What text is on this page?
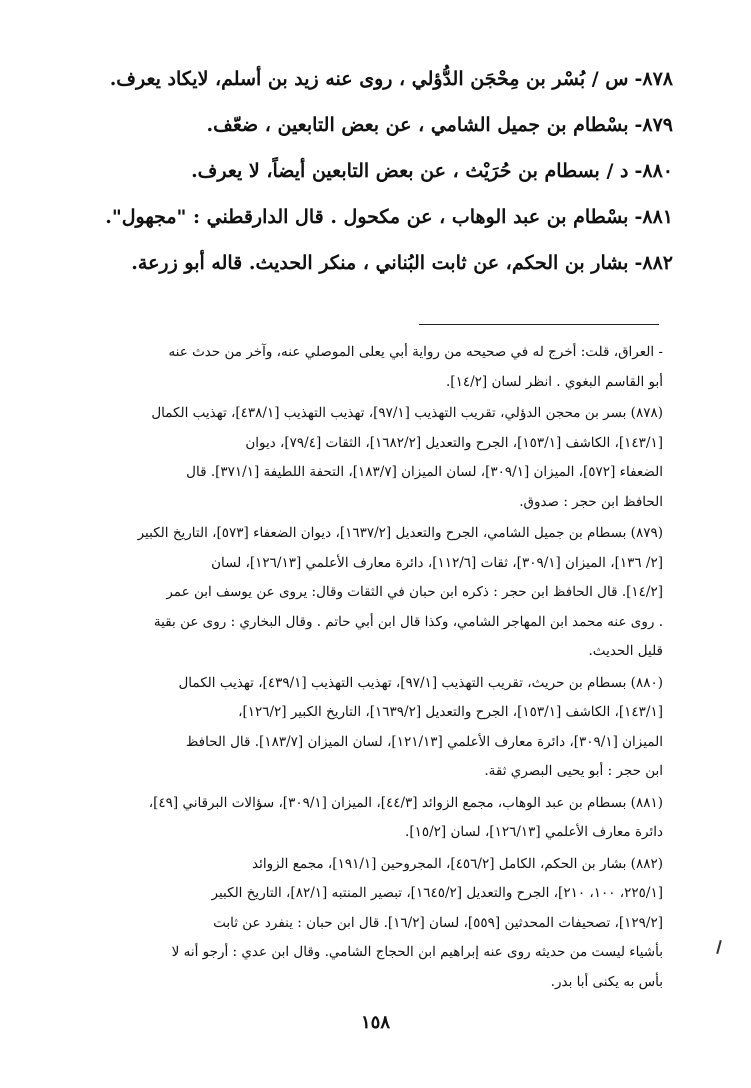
٨٧٨-س / بُسْر بن مِحْجَن الدُّؤلي ، روى عنه زيد بن أسلم، لايكاد يعرف.
٨٧٩-بسْطام بن جميل الشامي ، عن بعض التابعين ، ضعّف.
٨٨٠-د / بسطام بن حُرَيْث ، عن بعض التابعين أيضاً، لا يعرف.
٨٨١-بسْطام بن عبد الوهاب ، عن مكحول . قال الدارقطني : "مجهول".
٨٨٢-بشار بن الحكم، عن ثابت البُناني ، منكر الحديث. قاله أبو زرعة.
- العراق، قلت: أخرج له في صحيحه من رواية أبي يعلى الموصلي عنه، وآخر من حدث عنه
أبو القاسم البغوي . انظر لسان [١٤/٢].
(٨٧٨) بسر بن محجن الدؤلي، تقريب التهذيب [٩٧/١]، تهذيب التهذيب [٤٣٨/١]، تهذيب الكمال
[١٤٣/١]، الكاشف [١٥٣/١]، الجرح والتعديل [١٦٨٢/٢]، الثقات [٧٩/٤]، ديوان
الضعفاء [٥٧٢]، الميزان [٣٠٩/١]، لسان الميزان [١٨٣/٧]، التحفة اللطيفة [٣٧١/١]. قال
الحافظ ابن حجر : صدوق.
(٨٧٩) بسطام بن جميل الشامي، الجرح والتعديل [١٦٣٧/٢]، ديوان الضعفاء [٥٧٣]، التاريخ الكبير
[٢/ ١٣٦]، الميزان [٣٠٩/١]، ثقات [١١٢/٦]، دائرة معارف الأعلمي [١٢٦/١٣]، لسان
[١٤/٢]. قال الحافظ ابن حجر : ذكره ابن حبان في الثقات وقال: يروى عن يوسف ابن عمر
. روى عنه محمد ابن المهاجر الشامي، وكذا قال ابن أبي حاتم . وقال البخاري : روى عن بقية
قليل الحديث.
(٨٨٠) بسطام بن حريث، تقريب التهذيب [٩٧/١]، تهذيب التهذيب [٤٣٩/١]، تهذيب الكمال
[١٤٣/١]، الكاشف [١٥٣/١]، الجرح والتعديل [١٦٣٩/٢]، التاريخ الكبير [١٢٦/٢]،
الميزان [٣٠٩/١]، دائرة معارف الأعلمي [١٢١/١٣]، لسان الميزان [١٨٣/٧]. قال الحافظ
ابن حجر : أبو يحيى البصري ثقة.
(٨٨١) بسطام بن عبد الوهاب، مجمع الزوائد [٤٤/٣]، الميزان [٣٠٩/١]، سؤالات البرقاني [٤٩]،
دائرة معارف الأعلمي [١٢٦/١٣]، لسان [١٥/٢].
(٨٨٢) بشار بن الحكم، الكامل [٤٥٦/٢]، المجروحين [١٩١/١]، مجمع الزوائد
[٢٢٥/١، ١٠٠، ٢١٠]، الجرح والتعديل [١٦٤٥/٢]، تبصير المنتبه [٨٢/١]، التاريخ الكبير
[١٢٩/٢]، تصحيفات المحدثين [٥٥٩]، لسان [١٦/٢]. قال ابن حبان : ينفرد عن ثابت
بأشياء ليست من حديثه روى عنه إبراهيم ابن الحجاج الشامي. وقال ابن عدي : أرجو أنه لا
بأس به يكنى أبا بدر.
١٥٨
